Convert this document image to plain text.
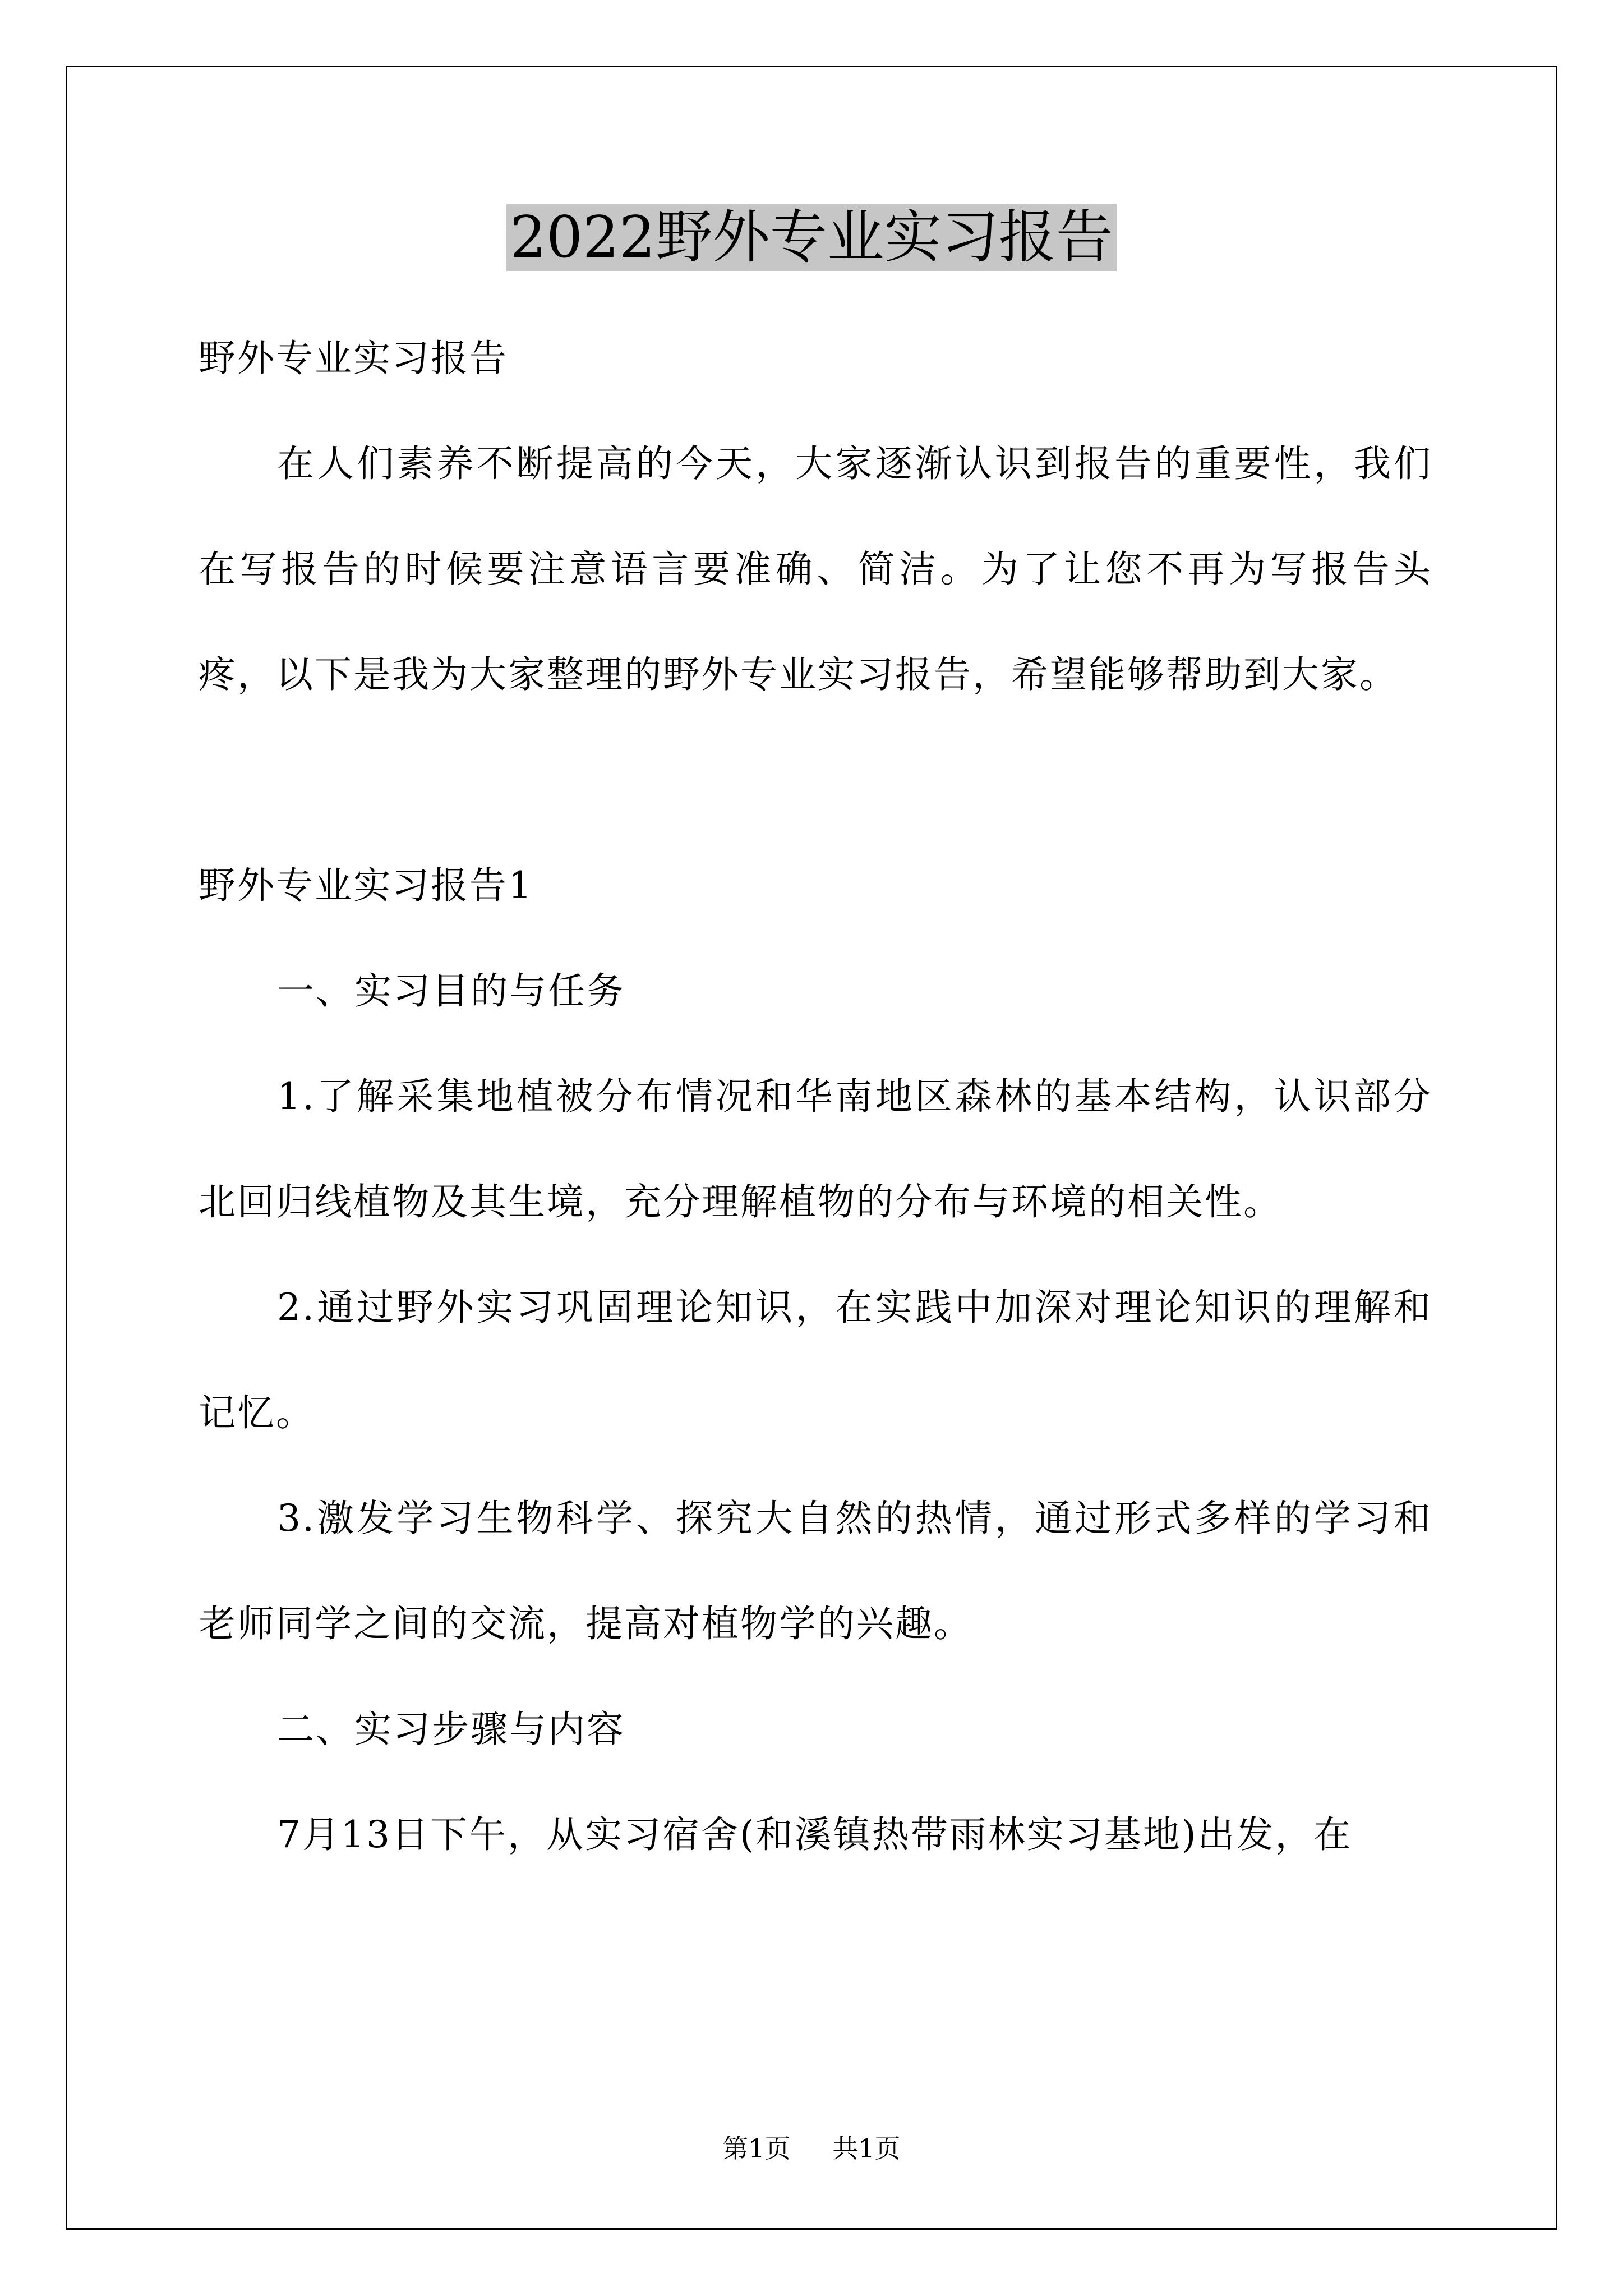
2022野外专业实习报告

野外专业实习报告

在人们素养不断提高的今天，大家逐渐认识到报告的重要性，我们在写报告的时候要注意语言要准确、简洁。为了让您不再为写报告头疼，以下是我为大家整理的野外专业实习报告，希望能够帮助到大家。

野外专业实习报告1

一、实习目的与任务

1.了解采集地植被分布情况和华南地区森林的基本结构，认识部分北回归线植物及其生境，充分理解植物的分布与环境的相关性。

2.通过野外实习巩固理论知识，在实践中加深对理论知识的理解和记忆。

3.激发学习生物科学、探究大自然的热情，通过形式多样的学习和老师同学之间的交流，提高对植物学的兴趣。

二、实习步骤与内容

7月13日下午，从实习宿舍(和溪镇热带雨林实习基地)出发，在

第1页 共1页
